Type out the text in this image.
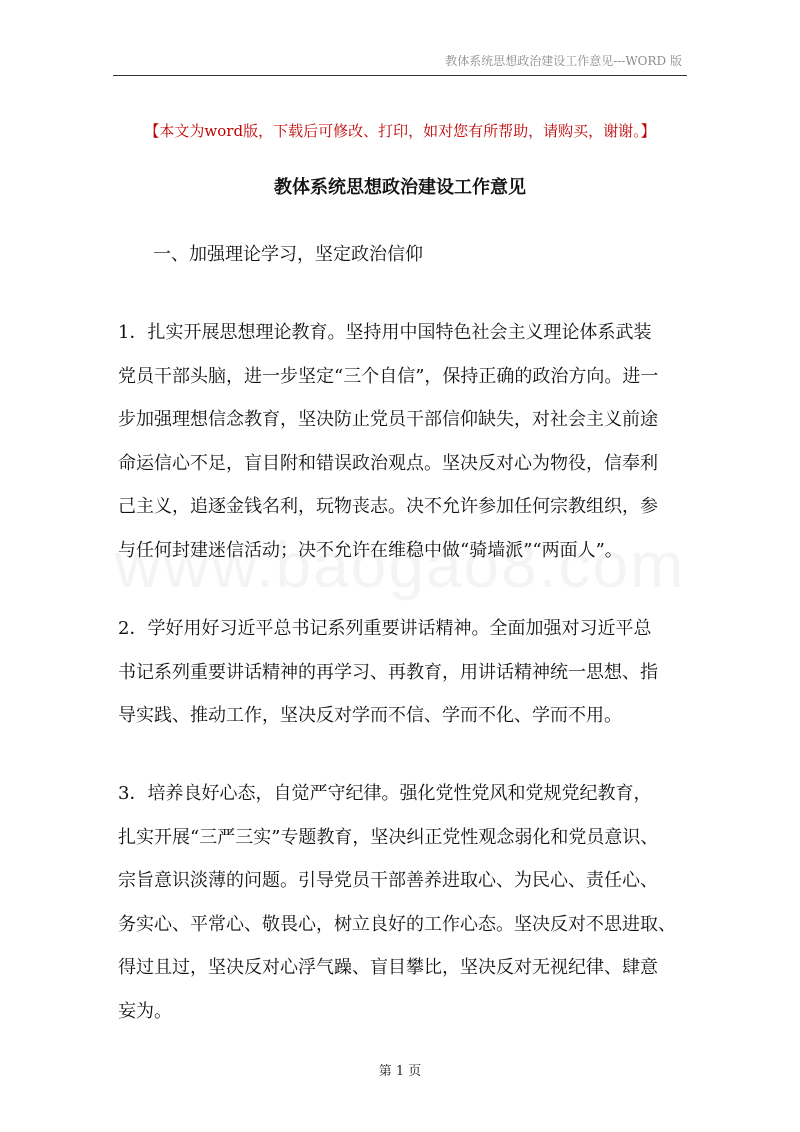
教体系统思想政治建设工作意见---WORD 版
【本文为word版，下载后可修改、打印，如对您有所帮助，请购买，谢谢。】
教体系统思想政治建设工作意见
一、加强理论学习，坚定政治信仰

1．扎实开展思想理论教育。坚持用中国特色社会主义理论体系武装
党员干部头脑，进一步坚定“三个自信”，保持正确的政治方向。进一
步加强理想信念教育，坚决防止党员干部信仰缺失，对社会主义前途
命运信心不足，盲目附和错误政治观点。坚决反对心为物役，信奉利
己主义，追逐金钱名利，玩物丧志。决不允许参加任何宗教组织，参
与任何封建迷信活动；决不允许在维稳中做“骑墙派”“两面人”。

2．学好用好习近平总书记系列重要讲话精神。全面加强对习近平总
书记系列重要讲话精神的再学习、再教育，用讲话精神统一思想、指
导实践、推动工作，坚决反对学而不信、学而不化、学而不用。

3．培养良好心态，自觉严守纪律。强化党性党风和党规党纪教育，
扎实开展“三严三实”专题教育，坚决纠正党性观念弱化和党员意识、
宗旨意识淡薄的问题。引导党员干部善养进取心、为民心、责任心、
务实心、平常心、敬畏心，树立良好的工作心态。坚决反对不思进取、
得过且过，坚决反对心浮气躁、盲目攀比，坚决反对无视纪律、肆意
妄为。

第 1 页
